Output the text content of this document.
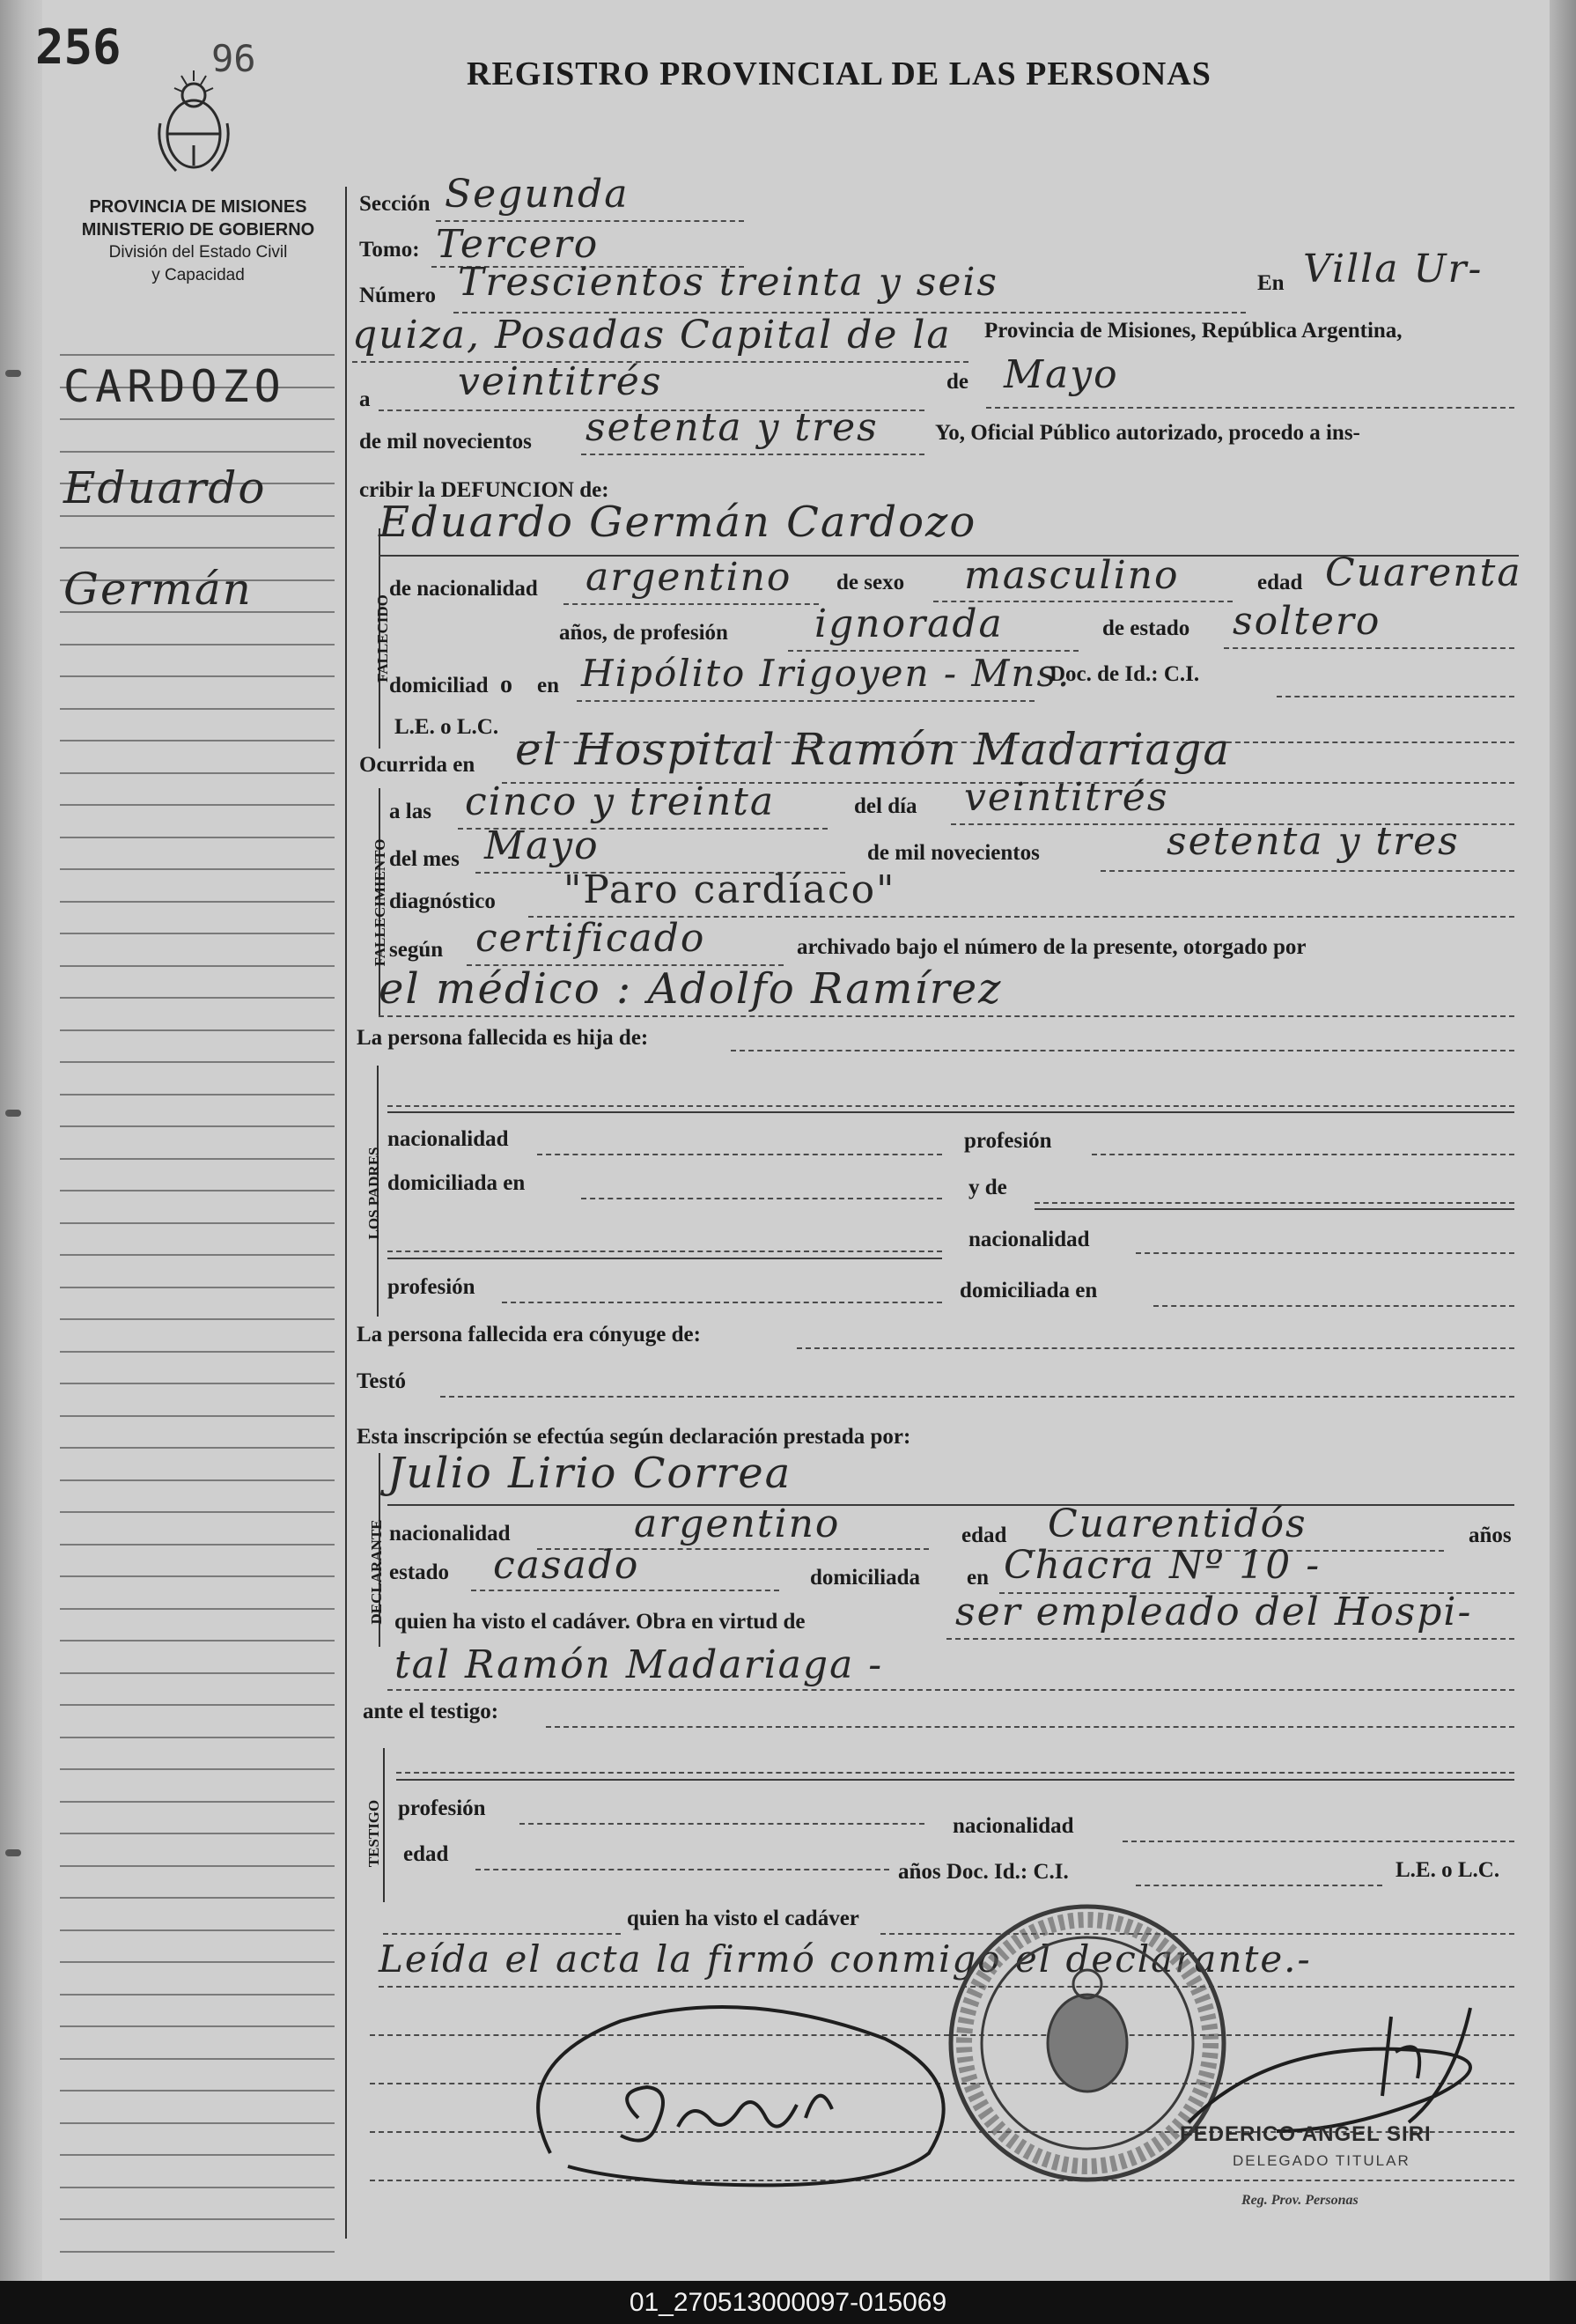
256 96	REGISTRO PROVINCIAL DE LAS PERSONAS
PROVINCIA DE MISIONES
MINISTERIO DE GOBIERNO
División del Estado Civil
y Capacidad
CARDOZO
Eduardo
Germán
Sección Segunda
Tomo: Tercero
Número Trescientos treinta y seis	En Villa Ur-
quiza, Posadas Capital de la Provincia de Misiones, República Argentina,
a veintitrés	de Mayo
de mil novecientos setenta y tres	Yo, Oficial Público autorizado, procedo a ins-
cribir la DEFUNCION de:
FALLECIDO
Eduardo Germán Cardozo
de nacionalidad argentino de sexo masculino	edad Cuarenta
años, de profesión ignorada	de estado soltero
domiciliad o en Hipólito Irigoyen - Mns.
Doc. de Id.: C.I.
L.E. o L.C.
Ocurrida en el Hospital Ramón Madariaga
FALLECIMIENTO
a las cinco y treinta	del día veintitrés
del mes Mayo	de mil novecientos	setenta y tres
diagnóstico "Paro cardíaco"
según certificado	archivado bajo el número de la presente, otorgado por
el médico : Adolfo Ramírez
La persona fallecida es hija de:
LOS PADRES
nacionalidad	profesión
domiciliada en	y de
nacionalidad
profesión	domiciliada en
La persona fallecida era cónyuge de:
Testó
Esta inscripción se efectúa según declaración prestada por:
DECLARANTE
Julio Lirio Correa
nacionalidad	argentino	edad Cuarentidós	años
estado casado	domiciliada en Chacra Nº 10 -
quien ha visto el cadáver. Obra en virtud de	ser empleado del Hospi-
tal Ramón Madariaga -
ante el testigo:
TESTIGO profesión
nacionalidad
edad
años Doc. Id.: C.I.	L.E. o L.C.
quien ha visto el cadáver
Leída el acta la firmó conmigo el declarante.-
FEDERICO ANGEL SIRI
DELEGADO TITULAR
Reg. Prov. Personas
01_270513000097-015069
